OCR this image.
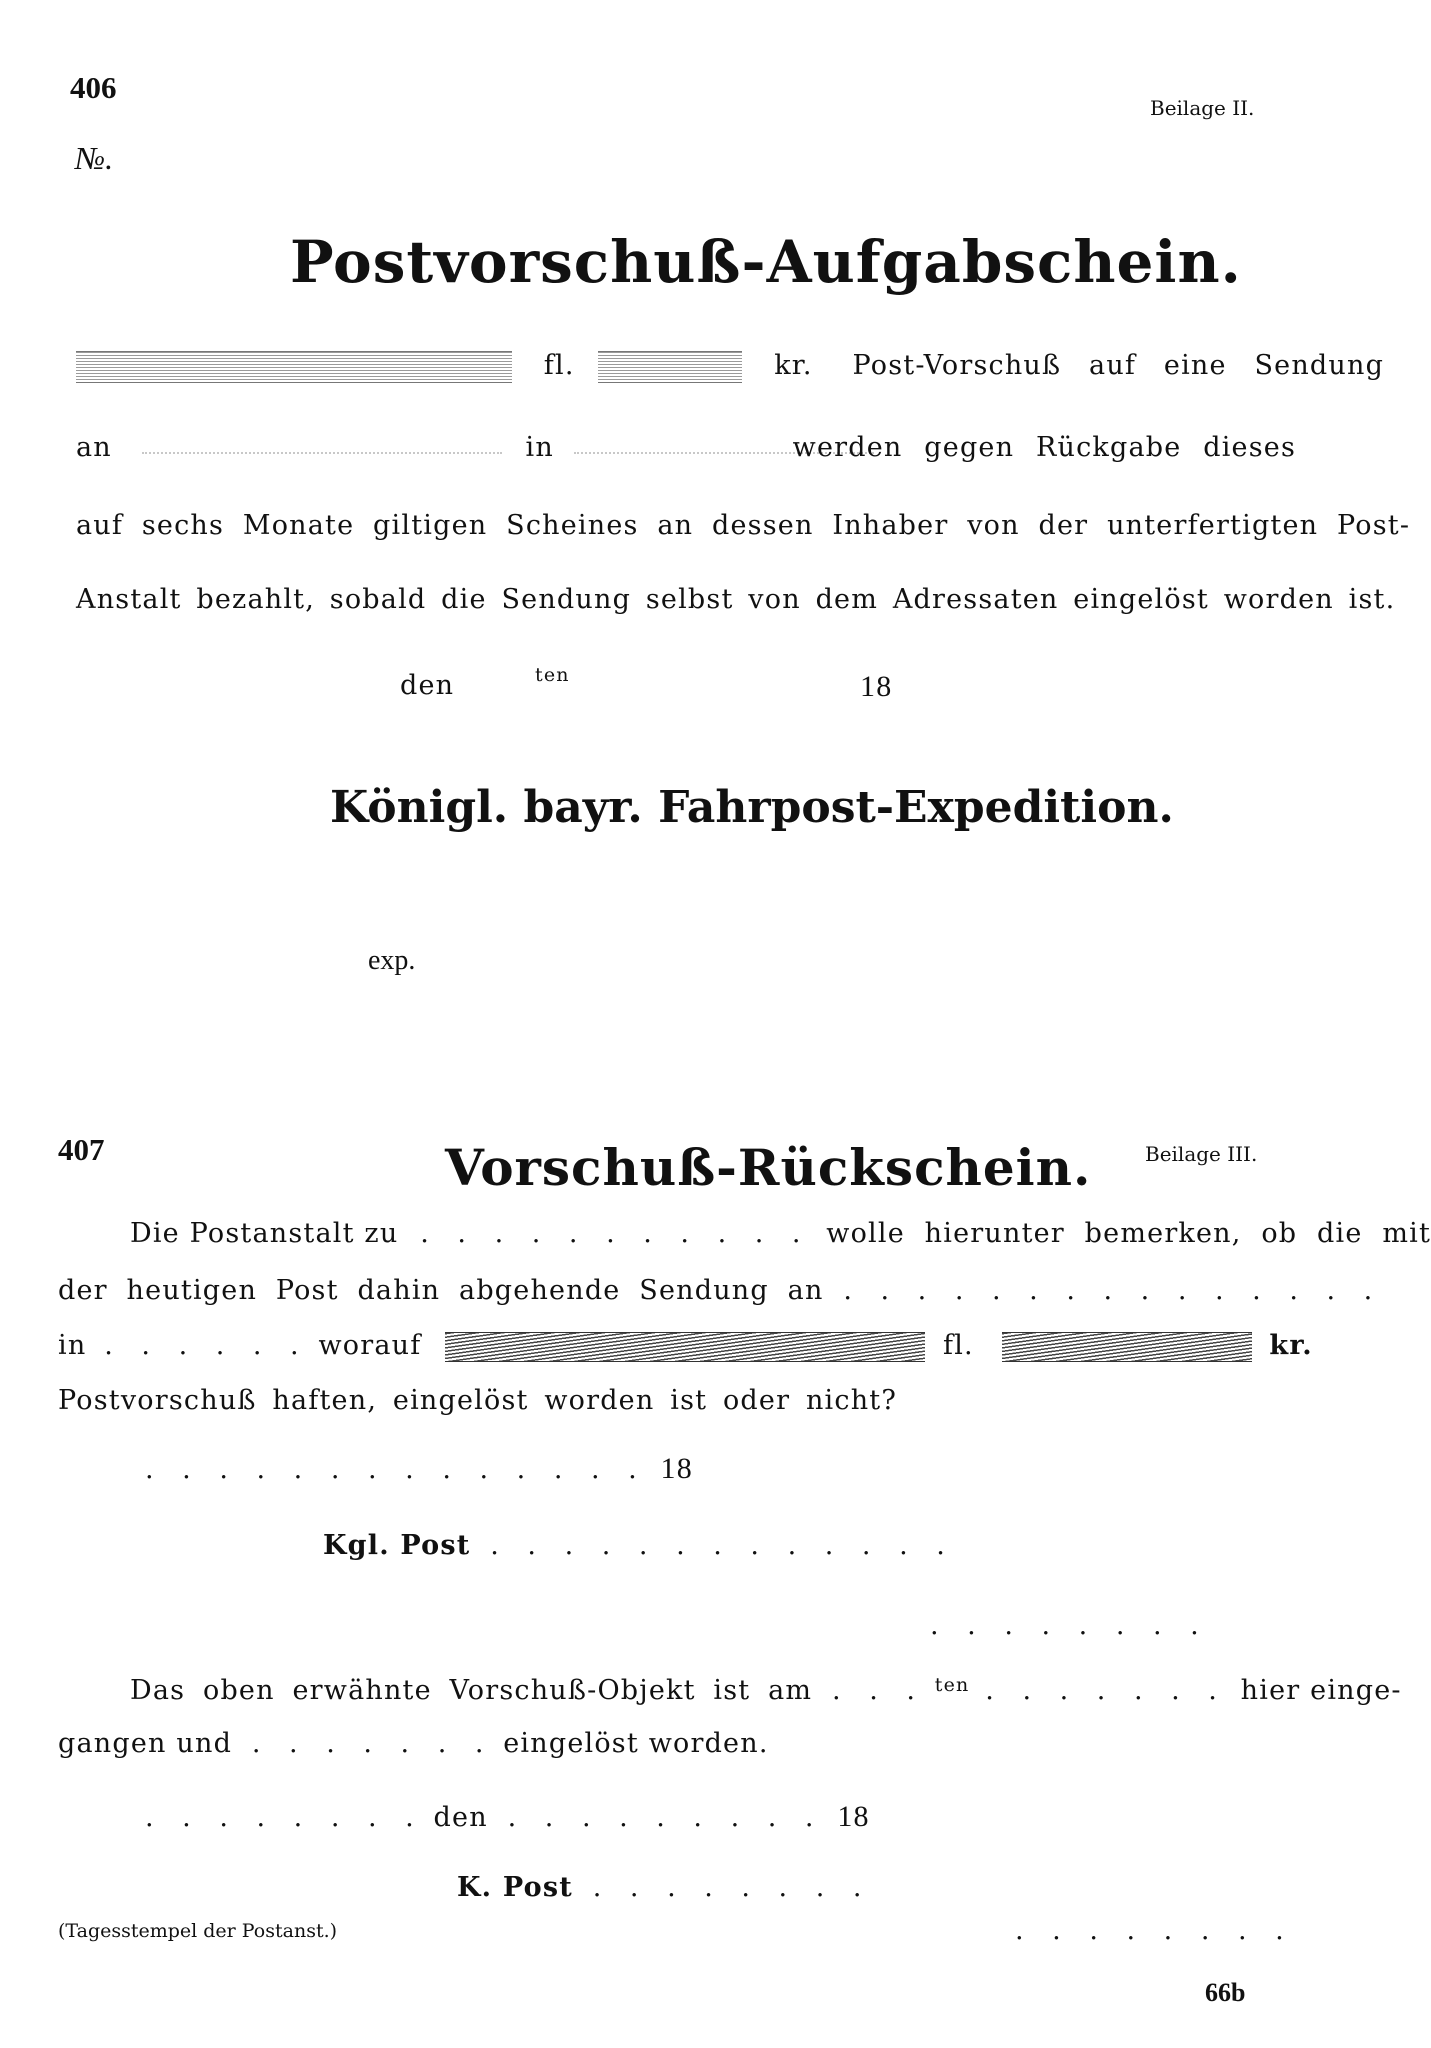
406
Beilage II.
№.
Postvorschuß-Aufgabschein.
fl.	kr. Post-Vorschuß auf eine Sendung
an	in	werden gegen Rückgabe dieses
auf sechs Monate giltigen Scheines an dessen Inhaber von der unterfertigten Post-
Anstalt bezahlt, sobald die Sendung selbst von dem Adressaten eingelöst worden ist.
den	ten	18
Königl. bayr. Fahrpost-Expedition.
exp.
407	Vorschuß-Rückschein.	Beilage III.
Die Postanstalt zu . . . . . . . . . . . wolle hierunter bemerken, ob die mit
der heutigen Post dahin abgehende Sendung an . . . . . . . . . . . . . . .
in . . . . . . worauf	fl.	kr.
Postvorschuß haften, eingelöst worden ist oder nicht?
. . . . . . . . . . . . . . 18
Kgl. Post . . . . . . . . . . . . .
. . . . . . . .
Das oben erwähnte Vorschuß-Objekt ist am . . . $^{ten}$ . . . . . . . hier einge-
gangen und . . . . . . . eingelöst worden.
. . . . . . . . den . . . . . . . . . 18
K. Post . . . . . . . .
(Tagesstempel der Postanst.)	. . . . . . . .
66b
